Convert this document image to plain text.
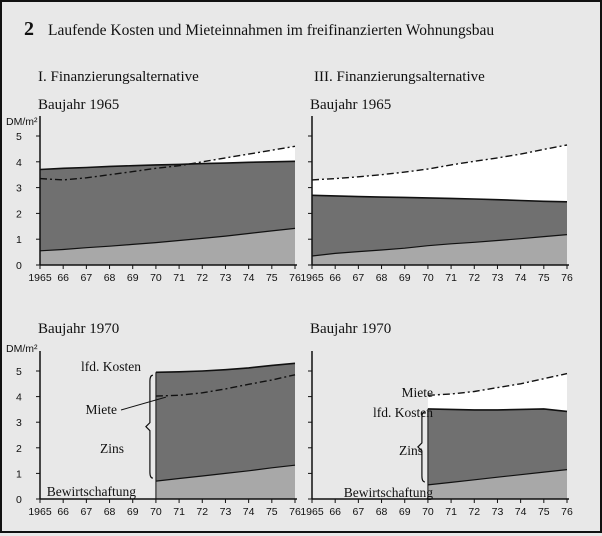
2 Laufende Kosten und Mieteinnahmen im freifinanzierten Wohnungsbau
I. Finanzierungsalternative	III. Finanzierungsalternative
Baujahr 1965
DM/m²
0
1
2
3
4
5
1965 66 67 68 69 70 71 72 73 74 75 76
Baujahr 1965
1965 66 67 68 69 70 71 72 73 74 75 76
Baujahr 1970
DM/m²
0
1
2
3
4
5
1965 66 67 68 69 70 71 72 73 74 75 76
Miete
lfd. Kosten
Zins
Bewirtschaftung
Baujahr 1970
1965 66 67 68 69 70 71 72 73 74 75 76
Miete
lfd. Kosten
Zins
Bewirtschaftung
